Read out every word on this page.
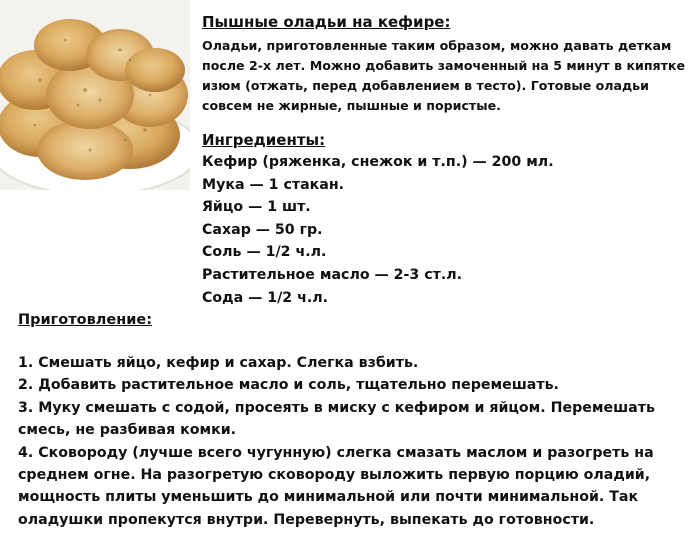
Пышные оладьи на кефире:

Оладьи, приготовленные таким образом, можно давать деткам после 2-х лет. Можно добавить замоченный на 5 минут в кипятке изюм (отжать, перед добавлением в тесто). Готовые оладьи совсем не жирные, пышные и пористые.

Ингредиенты:
Кефир (ряженка, снежок и т.п.) — 200 мл.
Мука — 1 стакан.
Яйцо — 1 шт.
Сахар — 50 гр.
Соль — 1/2 ч.л.
Растительное масло — 2-3 ст.л.
Сода — 1/2 ч.л.
Приготовление:
1. Смешать яйцо, кефир и сахар. Слегка взбить.
2. Добавить растительное масло и соль, тщательно перемешать.
3. Муку смешать с содой, просеять в миску с кефиром и яйцом. Перемешать смесь, не разбивая комки.
4. Сковороду (лучше всего чугунную) слегка смазать маслом и разогреть на среднем огне. На разогретую сковороду выложить первую порцию оладий, мощность плиты уменьшить до минимальной или почти минимальной. Так оладушки пропекутся внутри. Перевернуть, выпекать до готовности.
